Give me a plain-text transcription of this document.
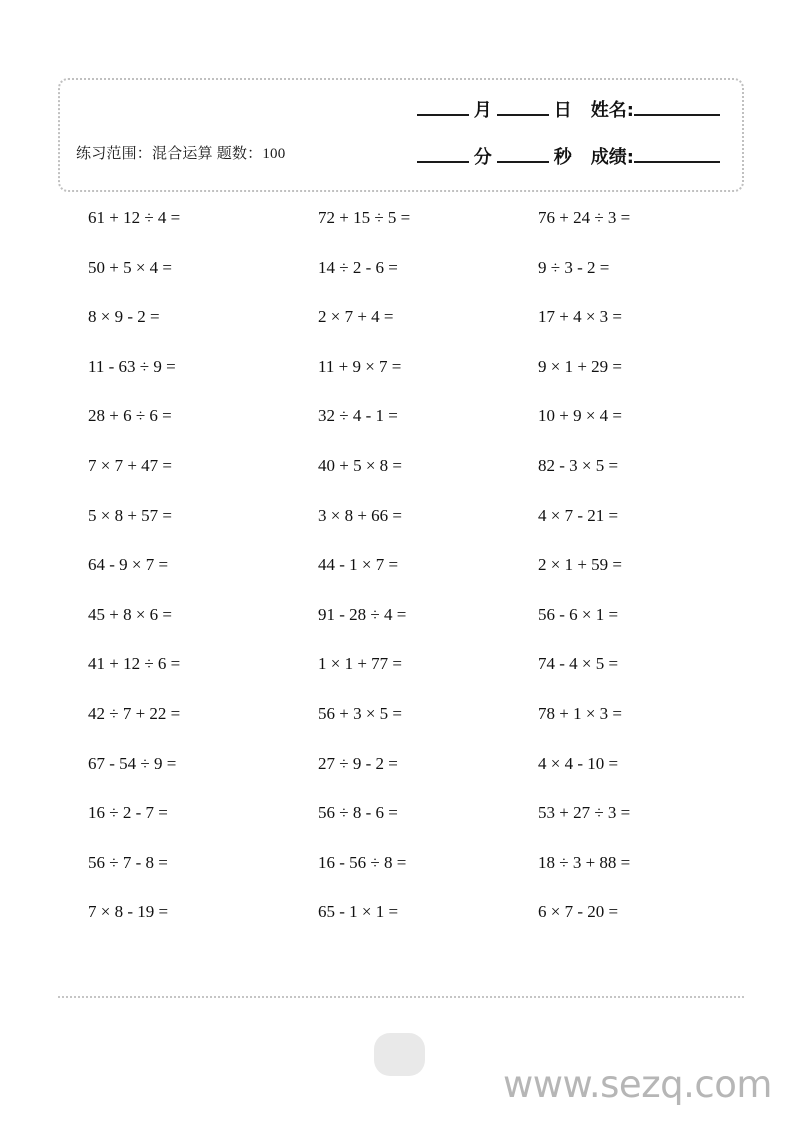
练习范围：混合运算 题数：100
月	日	姓名:
分	秒	成绩:
61 + 12 ÷ 4 =	72 + 15 ÷ 5 =	76 + 24 ÷ 3 =
50 + 5 × 4 =	14 ÷ 2 - 6 =	9 ÷ 3 - 2 =
8 × 9 - 2 =	2 × 7 + 4 =	17 + 4 × 3 =
11 - 63 ÷ 9 =	11 + 9 × 7 =	9 × 1 + 29 =
28 + 6 ÷ 6 =	32 ÷ 4 - 1 =	10 + 9 × 4 =
7 × 7 + 47 =	40 + 5 × 8 =	82 - 3 × 5 =
5 × 8 + 57 =	3 × 8 + 66 =	4 × 7 - 21 =
64 - 9 × 7 =	44 - 1 × 7 =	2 × 1 + 59 =
45 + 8 × 6 =	91 - 28 ÷ 4 =	56 - 6 × 1 =
41 + 12 ÷ 6 =	1 × 1 + 77 =	74 - 4 × 5 =
42 ÷ 7 + 22 =	56 + 3 × 5 =	78 + 1 × 3 =
67 - 54 ÷ 9 =	27 ÷ 9 - 2 =	4 × 4 - 10 =
16 ÷ 2 - 7 =	56 ÷ 8 - 6 =	53 + 27 ÷ 3 =
56 ÷ 7 - 8 =	16 - 56 ÷ 8 =	18 ÷ 3 + 88 =
7 × 8 - 19 =	65 - 1 × 1 =	6 × 7 - 20 =
www.sezq.com
